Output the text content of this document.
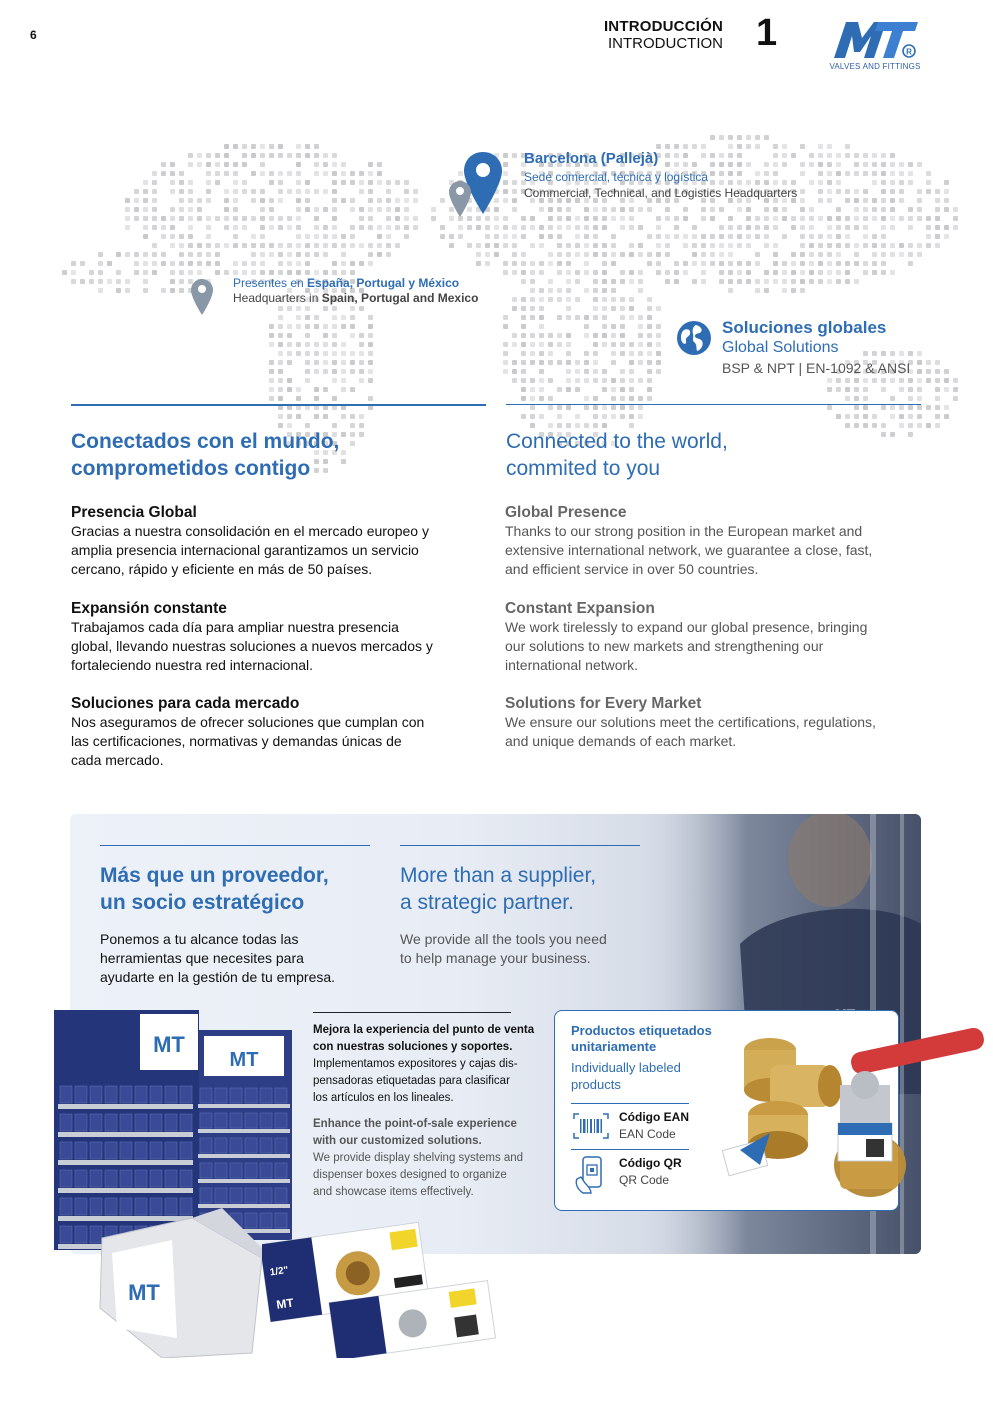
6	INTRODUCCIÓN
INTRODUCTION 1	R
VALVES AND FITTINGS
Barcelona (Pallejà)
Sede comercial, técnica y logística
Commercial, Technical, and Logistics Headquarters
Presentes en España, Portugal y México
Headquarters in Spain, Portugal and Mexico
Soluciones globales
Global Solutions
BSP & NPT | EN-1092 & ANSI
Conectados con el mundo,
comprometidos contigo
Connected to the world,
commited to you
Presencia Global
Gracias a nuestra consolidación en el mercado europeo y
amplia presencia internacional garantizamos un servicio
cercano, rápido y eficiente en más de 50 países.
Expansión constante
Trabajamos cada día para ampliar nuestra presencia
global, llevando nuestras soluciones a nuevos mercados y
fortaleciendo nuestra red internacional.
Soluciones para cada mercado
Nos aseguramos de ofrecer soluciones que cumplan con
las certificaciones, normativas y demandas únicas de
cada mercado.
Global Presence
Thanks to our strong position in the European market and
extensive international network, we guarantee a close, fast,
and efficient service in over 50 countries.
Constant Expansion
We work tirelessly to expand our global presence, bringing
our solutions to new markets and strengthening our
international network.
Solutions for Every Market
We ensure our solutions meet the certifications, regulations,
and unique demands of each market.
Más que un proveedor,
un socio estratégico
More than a supplier,
a strategic partner.
Ponemos a tu alcance todas las
herramientas que necesites para
ayudarte en la gestión de tu empresa.
We provide all the tools you need
to help manage your business.
MT
MT
MT
1/2"
MT
Mejora la experiencia del punto de venta
con nuestras soluciones y soportes.
Implementamos expositores y cajas dis-
pensadoras etiquetadas para clasificar
los artículos en los lineales.
Enhance the point-of-sale experience
with our customized solutions.
We provide display shelving systems and
dispenser boxes designed to organize
and showcase items effectively.
Productos etiquetados
unitariamente
Individually labeled
products
Código EAN
EAN Code
Código QR
QR Code
